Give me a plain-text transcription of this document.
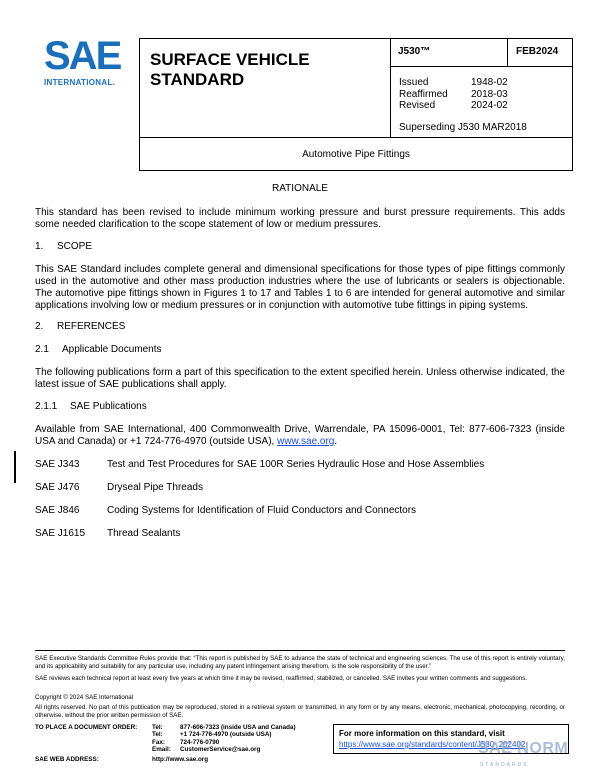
SAE
INTERNATIONAL.
SURFACE VEHICLE STANDARD
J530™	FEB2024
Issued	1948-02
Reaffirmed	2018-03
Revised	2024-02
Superseding J530 MAR2018
Automotive Pipe Fittings
RATIONALE
This standard has been revised to include minimum working pressure and burst pressure requirements. This adds some needed clarification to the scope statement of low or medium pressures.
1. SCOPE
This SAE Standard includes complete general and dimensional specifications for those types of pipe fittings commonly used in the automotive and other mass production industries where the use of lubricants or sealers is objectionable. The automotive pipe fittings shown in Figures 1 to 17 and Tables 1 to 6 are intended for general automotive and similar applications involving low or medium pressures or in conjunction with automotive tube fittings in piping systems.
2. REFERENCES
2.1 Applicable Documents
The following publications form a part of this specification to the extent specified herein. Unless otherwise indicated, the latest issue of SAE publications shall apply.
2.1.1 SAE Publications
Available from SAE International, 400 Commonwealth Drive, Warrendale, PA 15096-0001, Tel: 877-606-7323 (inside USA and Canada) or +1 724-776-4970 (outside USA), www.sae.org.
SAE J343	Test and Test Procedures for SAE 100R Series Hydraulic Hose and Hose Assemblies
SAE J476	Dryseal Pipe Threads
SAE J846	Coding Systems for Identification of Fluid Conductors and Connectors
SAE J1615	Thread Sealants
SAE Executive Standards Committee Rules provide that: “This report is published by SAE to advance the state of technical and engineering sciences. The use of this report is entirely voluntary, and its applicability and suitability for any particular use, including any patent infringement arising therefrom, is the sole responsibility of the user.”
SAE reviews each technical report at least every five years at which time it may be revised, reaffirmed, stabilized, or cancelled. SAE invites your written comments and suggestions.
Copyright © 2024 SAE International
All rights reserved. No part of this publication may be reproduced, stored in a retrieval system or transmitted, in any form or by any means, electronic, mechanical, photocopying, recording, or otherwise, without the prior written permission of SAE.
TO PLACE A DOCUMENT ORDER: Tel:	877-606-7323 (inside USA and Canada)
Tel:	+1 724-776-4970 (outside USA)
Fax: 724-776-0790
Email: CustomerService@sae.org
SAE WEB ADDRESS:	http://www.sae.org
For more information on this standard, visit
https://www.sae.org/standards/content/J530_202402
SAE NORM
STANDARDS
